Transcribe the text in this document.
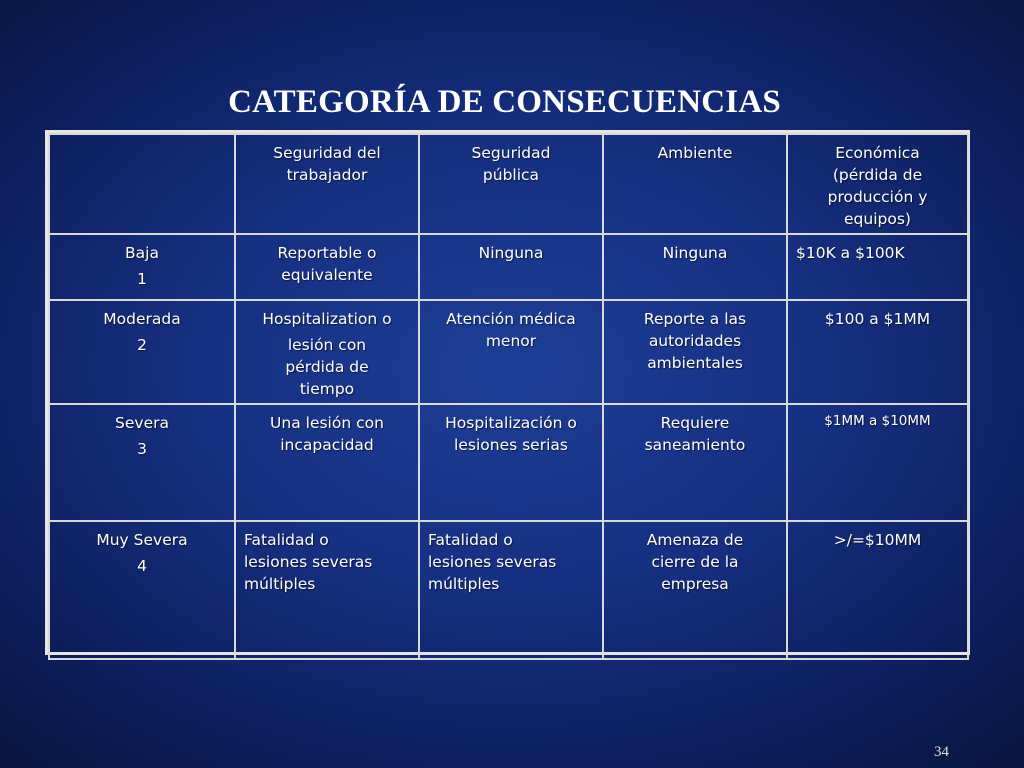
CATEGORÍA DE CONSECUENCIAS

	Seguridad del
trabajador	Seguridad
pública	Ambiente	Económica
(pérdida de
producción y
equipos)

Baja
1	Reportable o
equivalente	Ninguna	Ninguna	$10K a $100K

Moderada
2	Hospitalization o
lesión con
pérdida de
tiempo	Atención médica
menor	Reporte a las
autoridades
ambientales	$100 a $1MM

Severa
3	Una lesión con
incapacidad	Hospitalización o
lesiones serias	Requiere
saneamiento	$1MM a $10MM

Muy Severa
4	Fatalidad o
lesiones severas
múltiples	Fatalidad o
lesiones severas
múltiples	Amenaza de
cierre de la
empresa	>/=$10MM
34
